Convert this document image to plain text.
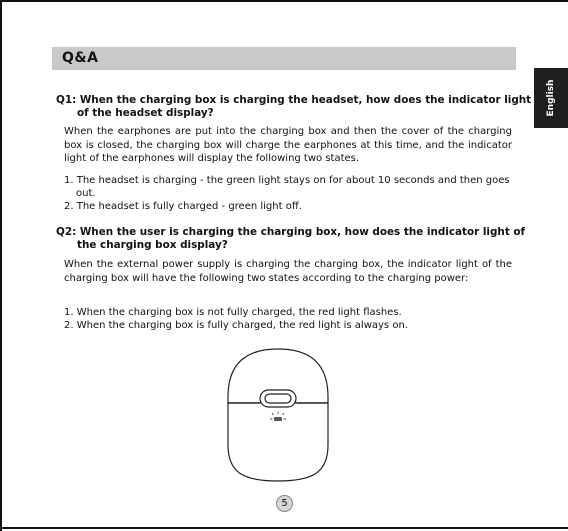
Q&A
English
Q1: When the charging box is charging the headset, how does the indicator light of the headset display?
When the earphones are put into the charging box and then the cover of the charging box is closed, the charging box will charge the earphones at this time, and the indicator light of the earphones will display the following two states.
1. The headset is charging - the green light stays on for about 10 seconds and then goes out.
2. The headset is fully charged - green light off.
Q2: When the user is charging the charging box, how does the indicator light of the charging box display?
When the external power supply is charging the charging box, the indicator light of the charging box will have the following two states according to the charging power:
1. When the charging box is not fully charged, the red light flashes.
2. When the charging box is fully charged, the red light is always on.
5
